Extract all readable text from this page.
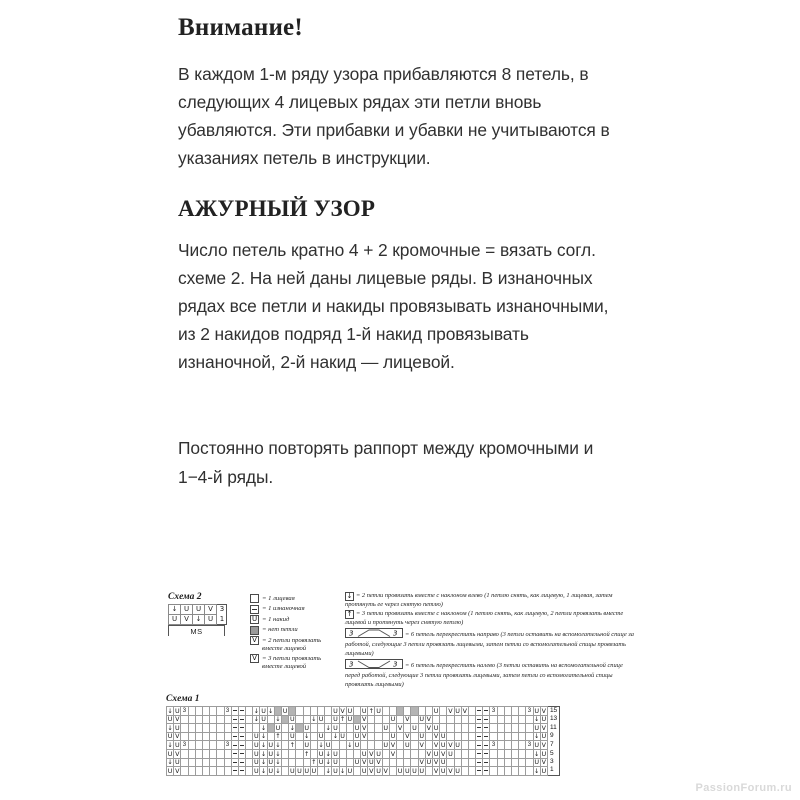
Внимание!

В каждом 1-м ряду узора прибавляются 8 петель, в следующих 4 лицевых рядах эти петли вновь убавляются. Эти прибавки и убавки не учитываются в указаниях петель в инструкции.

АЖУРНЫЙ УЗОР

Число петель кратно 4 + 2 кромочные = вязать согл. схеме 2. На ней даны лицевые ряды. В изнаночных рядах все петли и накиды провязывать изнаночными, из 2 накидов подряд 1-й накид провязывать изнаночной, 2-й накид — лицевой.

Постоянно повторять раппорт между кромочными и 1−4-й ряды.

Схема 2
↓	U	U	V	3
U	V	↓	U	1
MS
= 1 лицевая
= 1 изнаночная
U = 1 накид
= нет петли
V = 2 петли провязать вместе лицевой
V = 3 петли провязать вместе лицевой
↓ = 2 петли провязать вместе с наклоном влево (1 петлю снять, как лицевую, 1 лицевая, затем протянуть ее через снятую петлю)
↑ = 3 петли провязать вместе с наклоном (1 петлю снять, как лицевую, 2 петли провязать вместе лицевой и протянуть через снятую петлю)
3	3 = 6 петель перекрестить направо (3 петли оставить на вспомогательной спице за работой, следующие 3 петли провязать лицевыми, затем петли со вспомогательной спицы провязать лицевыми)
3	3 = 6 петель перекрестить налево (3 петли оставить на вспомогательной спице перед работой, следующие 3 петли провязать лицевыми, затем петли со вспомогательной спицы провязать лицевыми)
Схема 1
↓	U	3						3				↓	U	↓		U							U	V	U		U	↑	U								U		V	U	V				3					3	U	V	15
U	V											↓	U		↓		U			↓	U		U	↑	U		V				U		V		U	V															↓	U	13
↓	U												↓		U		↓		U			↓	U			U	V			U		V		U		V	U														U	V	11
U	V											U	↓		↑		U		↓		U		↓	U		U	V				U		V		U		V	U													↓	U	9
↓	U	3						3				U	↓	U	↓		↑		U		↓	U			↓	U				U	V		U		V		V	U	V	U					3					3	U	V	7
U	V											U	↓	U	↓				↑		U	↓	U				U	V	U		V					V	U	V	U												↓	U	5
↓	U											U	↓	U	↓					↑	U	↓	U			U	V	U	V						V	U	V	U													U	V	3
U	V											U	↓	U	↓		U	U	U	U		↓	U	↓	U		U	V	U	V		U	U	U	U		V	U	V	U											↓	U	1
PassionForum.ru
